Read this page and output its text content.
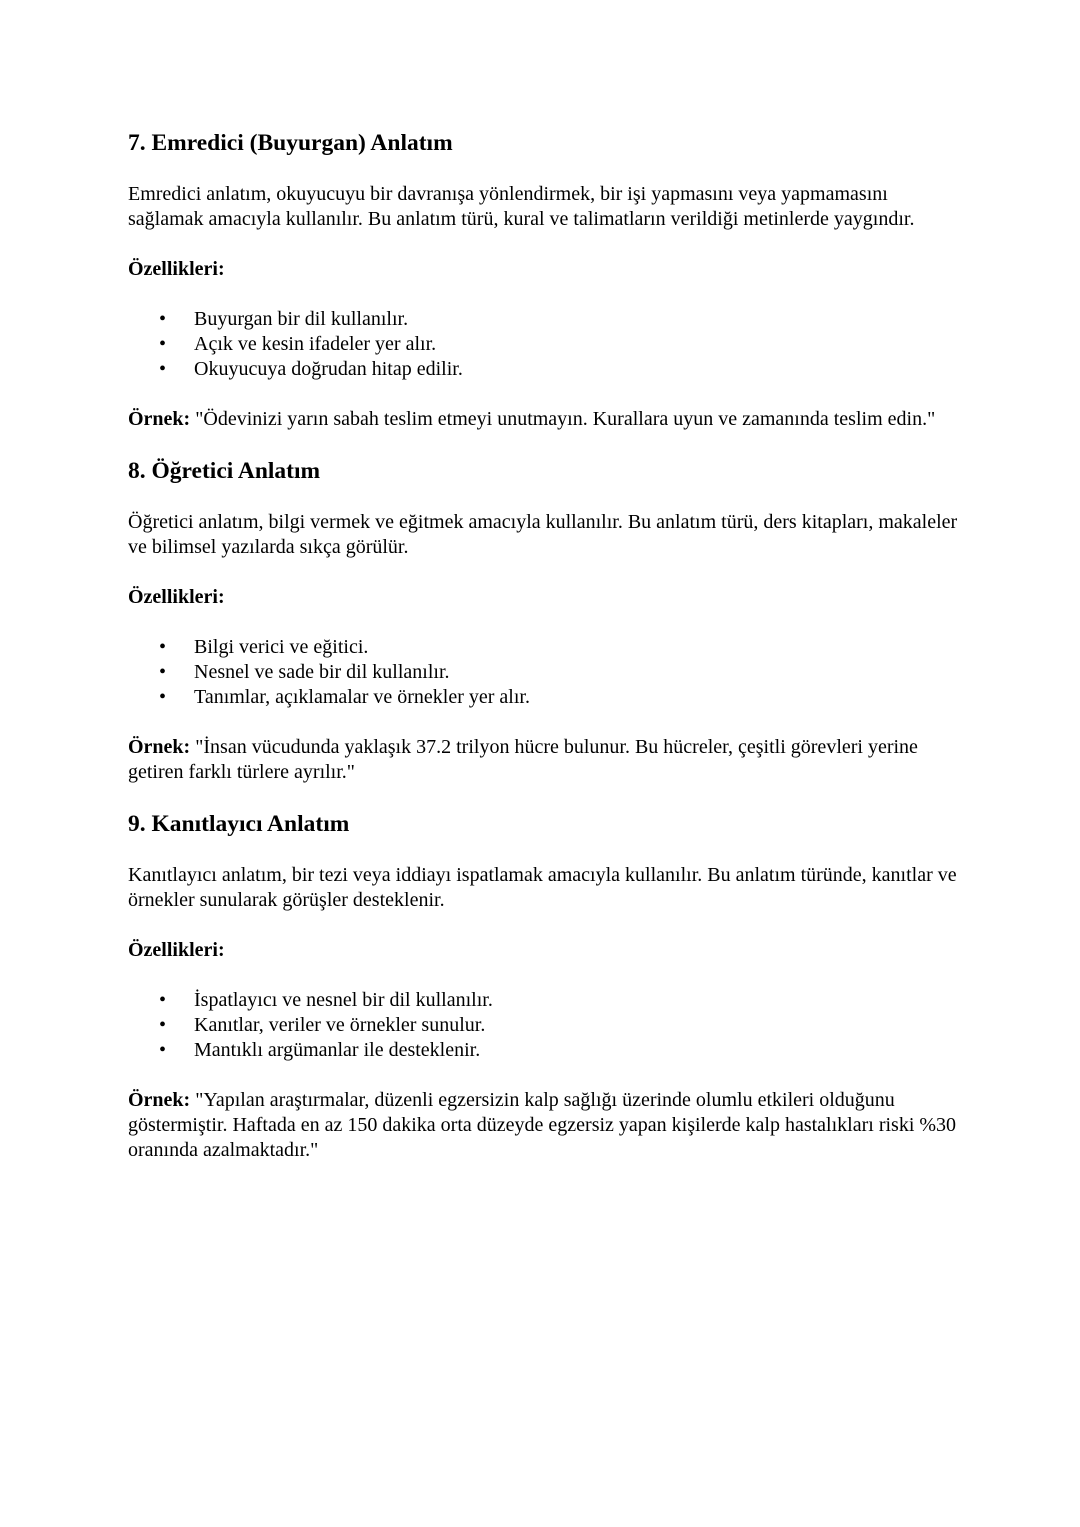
7. Emredici (Buyurgan) Anlatım

Emredici anlatım, okuyucuyu bir davranışa yönlendirmek, bir işi yapmasını veya yapmamasını sağlamak amacıyla kullanılır. Bu anlatım türü, kural ve talimatların verildiği metinlerde yaygındır.

Özellikleri:

• Buyurgan bir dil kullanılır.
• Açık ve kesin ifadeler yer alır.
• Okuyucuya doğrudan hitap edilir.

Örnek: "Ödevinizi yarın sabah teslim etmeyi unutmayın. Kurallara uyun ve zamanında teslim edin."

8. Öğretici Anlatım

Öğretici anlatım, bilgi vermek ve eğitmek amacıyla kullanılır. Bu anlatım türü, ders kitapları, makaleler ve bilimsel yazılarda sıkça görülür.

Özellikleri:

• Bilgi verici ve eğitici.
• Nesnel ve sade bir dil kullanılır.
• Tanımlar, açıklamalar ve örnekler yer alır.

Örnek: "İnsan vücudunda yaklaşık 37.2 trilyon hücre bulunur. Bu hücreler, çeşitli görevleri yerine getiren farklı türlere ayrılır."

9. Kanıtlayıcı Anlatım

Kanıtlayıcı anlatım, bir tezi veya iddiayı ispatlamak amacıyla kullanılır. Bu anlatım türünde, kanıtlar ve örnekler sunularak görüşler desteklenir.

Özellikleri:

• İspatlayıcı ve nesnel bir dil kullanılır.
• Kanıtlar, veriler ve örnekler sunulur.
• Mantıklı argümanlar ile desteklenir.

Örnek: "Yapılan araştırmalar, düzenli egzersizin kalp sağlığı üzerinde olumlu etkileri olduğunu göstermiştir. Haftada en az 150 dakika orta düzeyde egzersiz yapan kişilerde kalp hastalıkları riski %30 oranında azalmaktadır."
